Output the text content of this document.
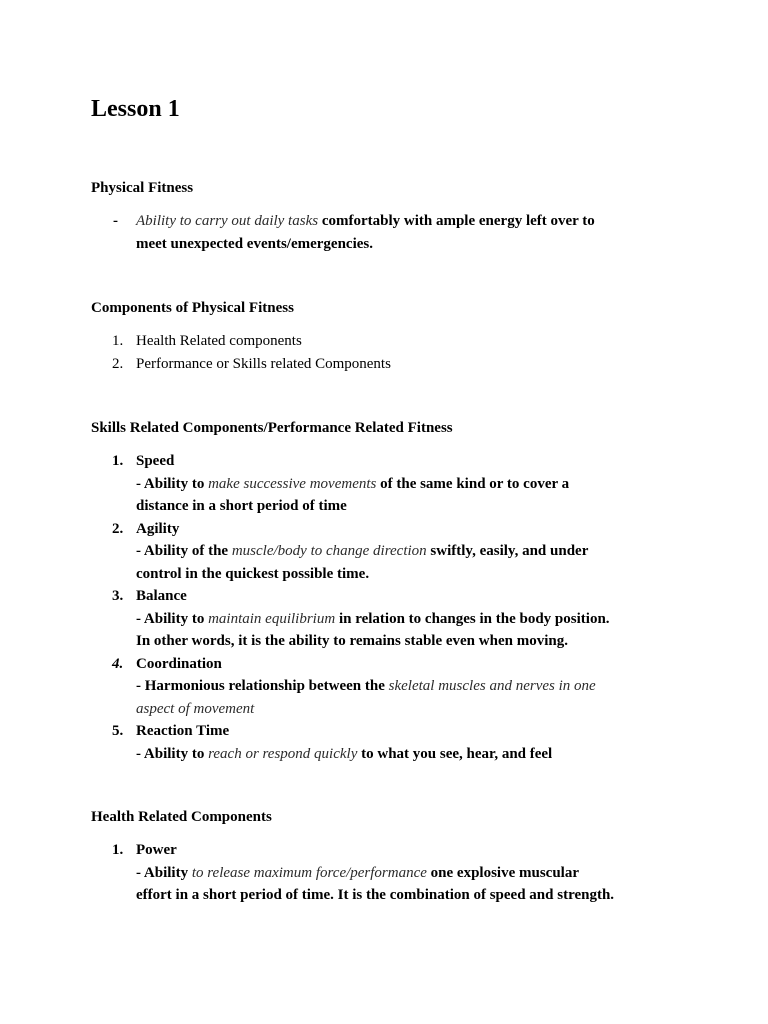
Lesson 1
Physical Fitness
- Ability to carry out daily tasks comfortably with ample energy left over to
meet unexpected events/emergencies.
Components of Physical Fitness
1. Health Related components
2. Performance or Skills related Components
Skills Related Components/Performance Related Fitness
1. Speed
- Ability to make successive movements of the same kind or to cover a
distance in a short period of time
2. Agility
- Ability of the muscle/body to change direction swiftly, easily, and under
control in the quickest possible time.
3. Balance
- Ability to maintain equilibrium in relation to changes in the body position.
In other words, it is the ability to remains stable even when moving.
4. Coordination
- Harmonious relationship between the skeletal muscles and nerves in one
aspect of movement
5. Reaction Time
- Ability to reach or respond quickly to what you see, hear, and feel
Health Related Components
1. Power
- Ability to release maximum force/performance one explosive muscular
effort in a short period of time. It is the combination of speed and strength.
